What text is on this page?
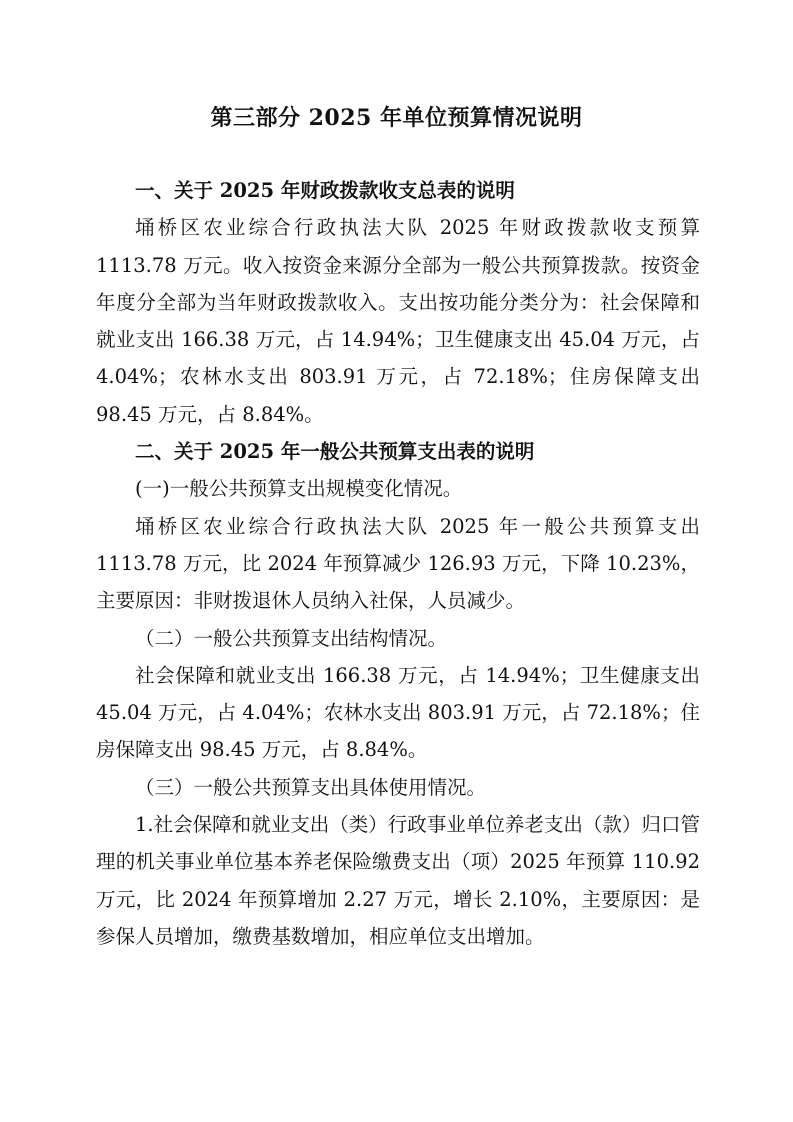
第三部分 2025 年单位预算情况说明

一、关于 2025 年财政拨款收支总表的说明

埇桥区农业综合行政执法大队 2025 年财政拨款收支预算 1113.78 万元。收入按资金来源分全部为一般公共预算拨款。按资金年度分全部为当年财政拨款收入。支出按功能分类分为：社会保障和就业支出 166.38 万元，占 14.94%；卫生健康支出 45.04 万元，占 4.04%；农林水支出 803.91 万元，占 72.18%；住房保障支出 98.45 万元，占 8.84%。

二、关于 2025 年一般公共预算支出表的说明

(一)一般公共预算支出规模变化情况。

埇桥区农业综合行政执法大队 2025 年一般公共预算支出 1113.78 万元，比 2024 年预算减少 126.93 万元，下降 10.23%，主要原因：非财拨退休人员纳入社保，人员减少。

（二）一般公共预算支出结构情况。

社会保障和就业支出 166.38 万元，占 14.94%；卫生健康支出 45.04 万元，占 4.04%；农林水支出 803.91 万元，占 72.18%；住房保障支出 98.45 万元，占 8.84%。

（三）一般公共预算支出具体使用情况。

1.社会保障和就业支出（类）行政事业单位养老支出（款）归口管理的机关事业单位基本养老保险缴费支出（项）2025 年预算 110.92 万元，比 2024 年预算增加 2.27 万元，增长 2.10%，主要原因：是参保人员增加，缴费基数增加，相应单位支出增加。
